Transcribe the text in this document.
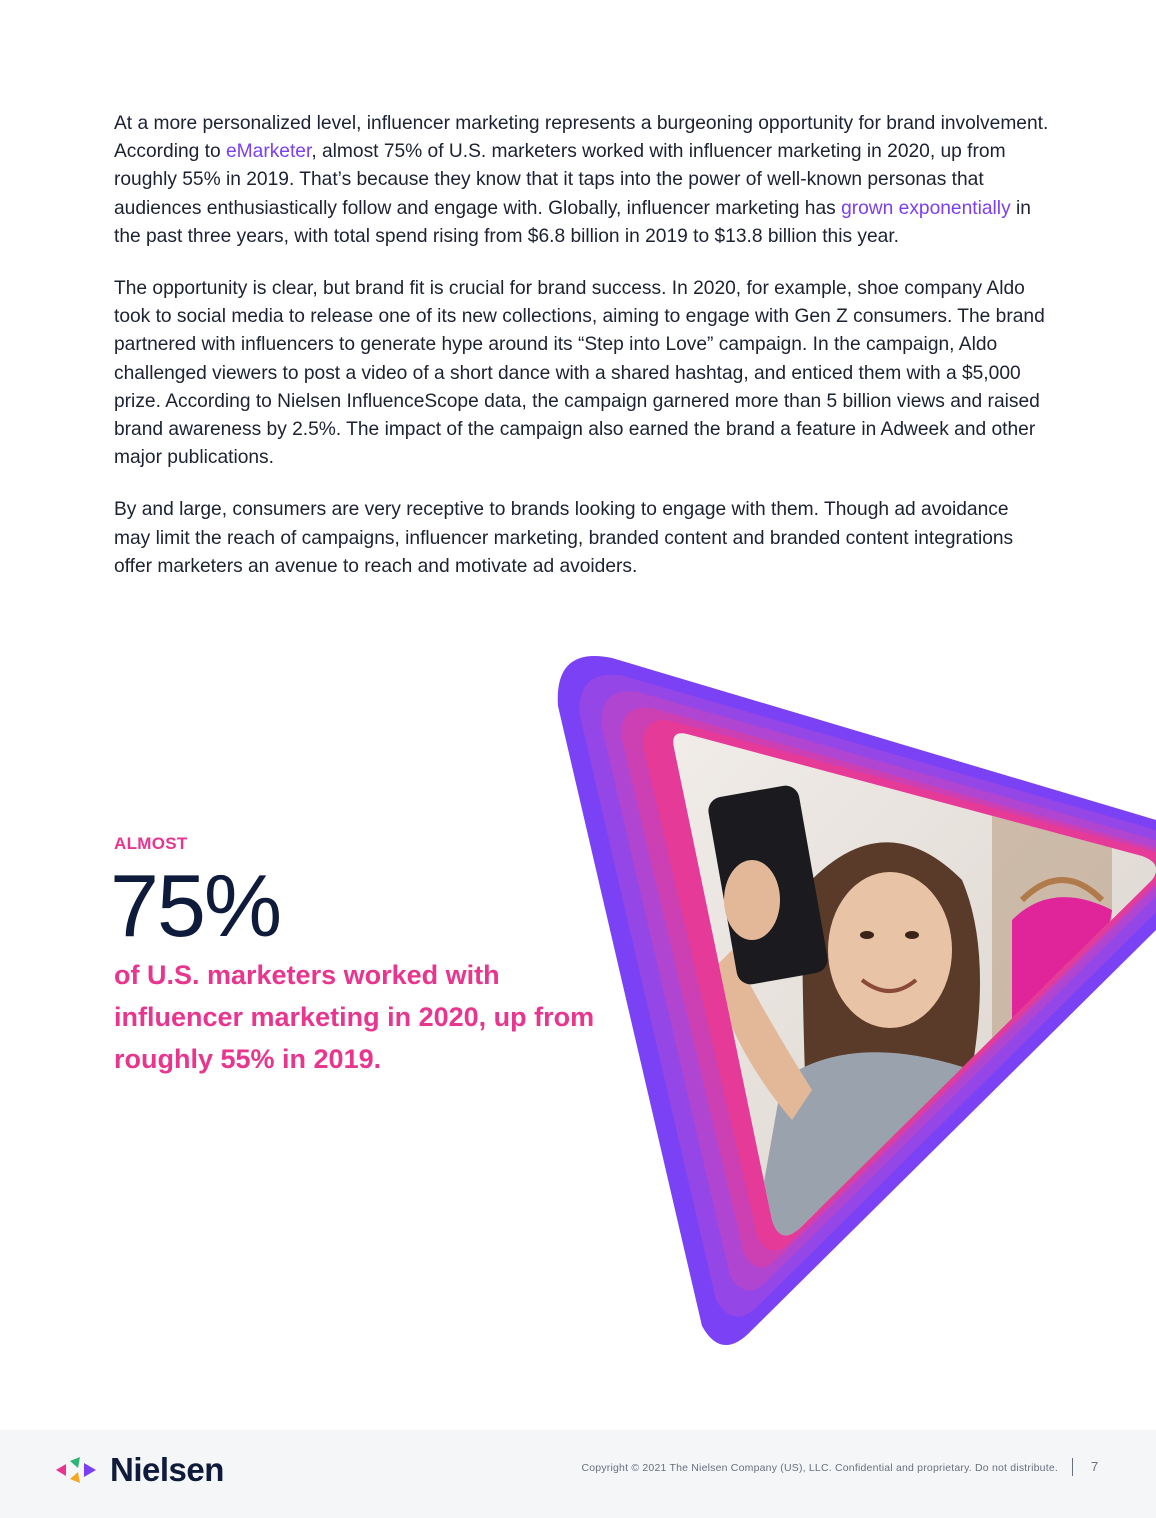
At a more personalized level, influencer marketing represents a burgeoning opportunity for brand involvement. According to eMarketer, almost 75% of U.S. marketers worked with influencer marketing in 2020, up from roughly 55% in 2019. That’s because they know that it taps into the power of well-known personas that audiences enthusiastically follow and engage with. Globally, influencer marketing has grown exponentially in the past three years, with total spend rising from $6.8 billion in 2019 to $13.8 billion this year.

The opportunity is clear, but brand fit is crucial for brand success. In 2020, for example, shoe company Aldo took to social media to release one of its new collections, aiming to engage with Gen Z consumers. The brand partnered with influencers to generate hype around its “Step into Love” campaign. In the campaign, Aldo challenged viewers to post a video of a short dance with a shared hashtag, and enticed them with a $5,000 prize. According to Nielsen InfluenceScope data, the campaign garnered more than 5 billion views and raised brand awareness by 2.5%. The impact of the campaign also earned the brand a feature in Adweek and other major publications.

By and large, consumers are very receptive to brands looking to engage with them. Though ad avoidance may limit the reach of campaigns, influencer marketing, branded content and branded content integrations offer marketers an avenue to reach and motivate ad avoiders.

ALMOST
75%
of U.S. marketers worked with influencer marketing in 2020, up from roughly 55% in 2019.
Nielsen	Copyright © 2021 The Nielsen Company (US), LLC. Confidential and proprietary. Do not distribute.	7
